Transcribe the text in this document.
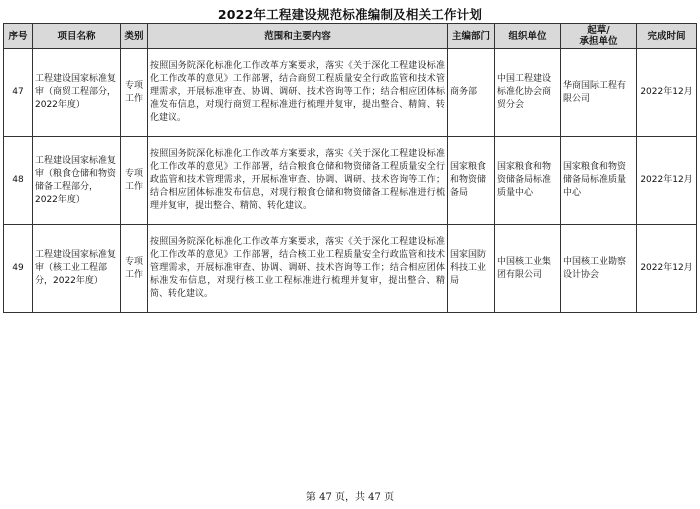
2022年工程建设规范标准编制及相关工作计划
序号	项目名称	类别	范围和主要内容	主编部门	组织单位	起草/
承担单位	完成时间
47	工程建设国家标准复审（商贸工程部分，2022年度）	专项工作	按照国务院深化标准化工作改革方案要求，落实《关于深化工程建设标准化工作改革的意见》工作部署，结合商贸工程质量安全行政监管和技术管理需求，开展标准审查、协调、调研、技术咨询等工作；结合相应团体标准发布信息，对现行商贸工程标准进行梳理并复审，提出整合、精简、转化建议。	商务部	中国工程建设标准化协会商贸分会	华商国际工程有限公司	2022年12月
48	工程建设国家标准复审（粮食仓储和物资储备工程部分，2022年度）	专项工作	按照国务院深化标准化工作改革方案要求，落实《关于深化工程建设标准化工作改革的意见》工作部署，结合粮食仓储和物资储备工程质量安全行政监管和技术管理需求，开展标准审查、协调、调研、技术咨询等工作；结合相应团体标准发布信息，对现行粮食仓储和物资储备工程标准进行梳理并复审，提出整合、精简、转化建议。	国家粮食和物资储备局	国家粮食和物资储备局标准质量中心	国家粮食和物资储备局标准质量中心	2022年12月
49	工程建设国家标准复审（核工业工程部分，2022年度）	专项工作	按照国务院深化标准化工作改革方案要求，落实《关于深化工程建设标准化工作改革的意见》工作部署，结合核工业工程质量安全行政监管和技术管理需求，开展标准审查、协调、调研、技术咨询等工作；结合相应团体标准发布信息，对现行核工业工程标准进行梳理并复审，提出整合、精简、转化建议。	国家国防科技工业局	中国核工业集团有限公司	中国核工业勘察设计协会	2022年12月
第 47 页，共 47 页
